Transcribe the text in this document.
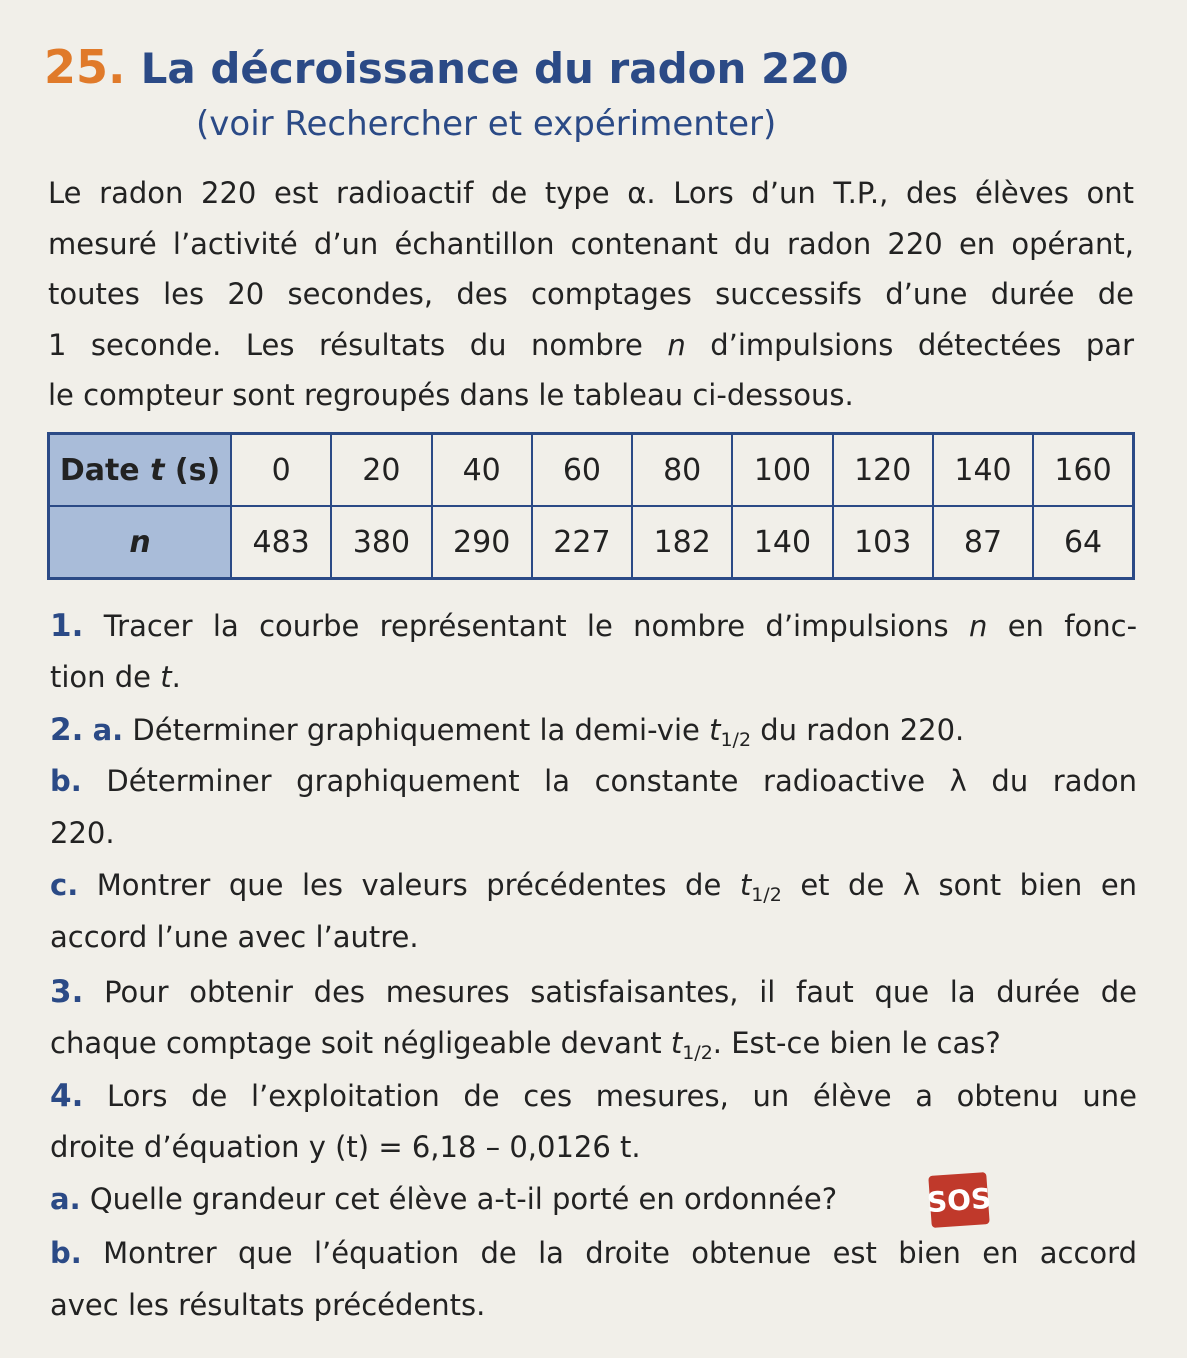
25. La décroissance du radon 220
(voir Rechercher et expérimenter)
Le radon 220 est radioactif de type α. Lors d’un T.P., des élèves ont
mesuré l’activité d’un échantillon contenant du radon 220 en opérant,
toutes les 20 secondes, des comptages successifs d’une durée de
1 seconde. Les résultats du nombre n d’impulsions détectées par
le compteur sont regroupés dans le tableau ci-dessous.
Date t (s)	0	20	40	60	80	100	120	140	160
n	483	380	290	227	182	140	103	87	64
1. Tracer la courbe représentant le nombre d’impulsions n en fonc-
tion de t.
2. a. Déterminer graphiquement la demi-vie $t_{1/2}$ du radon 220.
b. Déterminer graphiquement la constante radioactive λ du radon
220.
c. Montrer que les valeurs précédentes de $t_{1/2}$ et de λ sont bien en
accord l’une avec l’autre.
3. Pour obtenir des mesures satisfaisantes, il faut que la durée de
chaque comptage soit négligeable devant $t_{1/2}$. Est-ce bien le cas?
4. Lors de l’exploitation de ces mesures, un élève a obtenu une
droite d’équation y (t) = 6,18 – 0,0126 t.
a. Quelle grandeur cet élève a-t-il porté en ordonnée?	SOS
b. Montrer que l’équation de la droite obtenue est bien en accord
avec les résultats précédents.
